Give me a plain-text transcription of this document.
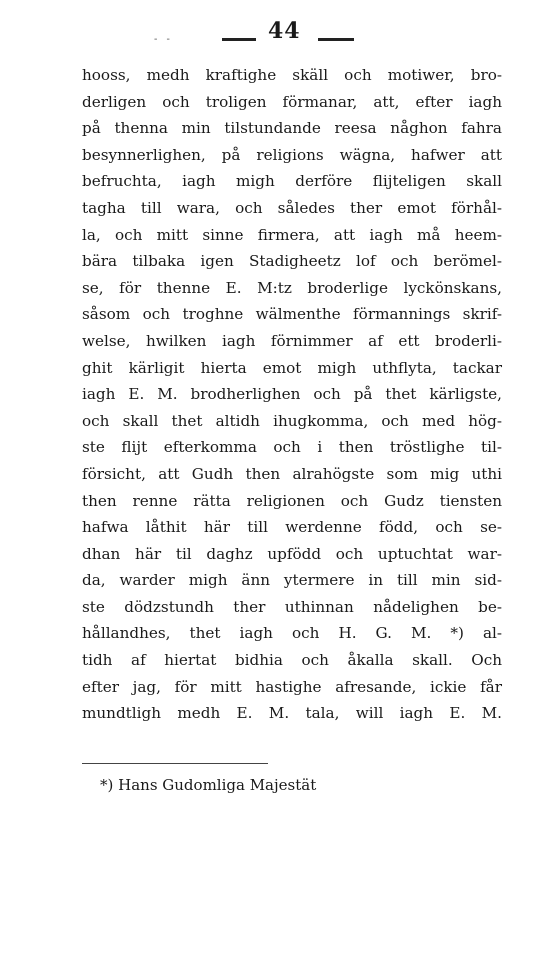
- -	44
hooss, medh kraftighe skäll och motiwer, bro-
derligen och troligen förmanar, att, efter iagh
på thenna min tilstundande reesa någhon fahra
besynnerlighen, på religions wägna, hafwer att
befruchta, iagh migh derföre flijteligen skall
tagha till wara, och således ther emot förhål-
la, och mitt sinne firmera, att iagh må heem-
bära tilbaka igen Stadigheetz lof och berömel-
se, för thenne E. M:tz broderlige lyckönskans,
såsom och troghne wälmenthe förmannings skrif-
welse, hwilken iagh förnimmer af ett broderli-
ghit kärligit hierta emot migh uthflyta, tackar
iagh E. M. brodherlighen och på thet kärligste,
och skall thet altidh ihugkomma, och med hög-
ste flijt efterkomma och i then tröstlighe til-
försicht, att Gudh then alrahögste som mig uthi
then renne rätta religionen och Gudz tiensten
hafwa låthit här till werdenne född, och se-
dhan här til daghz upfödd och uptuchtat war-
da, warder migh änn ytermere in till min sid-
ste dödzstundh ther uthinnan nådelighen be-
hållandhes, thet iagh och H. G. M. *) al-
tidh af hiertat bidhia och åkalla skall. Och
efter jag, för mitt hastighe afresande, ickie får
mundtligh medh E. M. tala, will iagh E. M.
*) Hans Gudomliga Majestät
